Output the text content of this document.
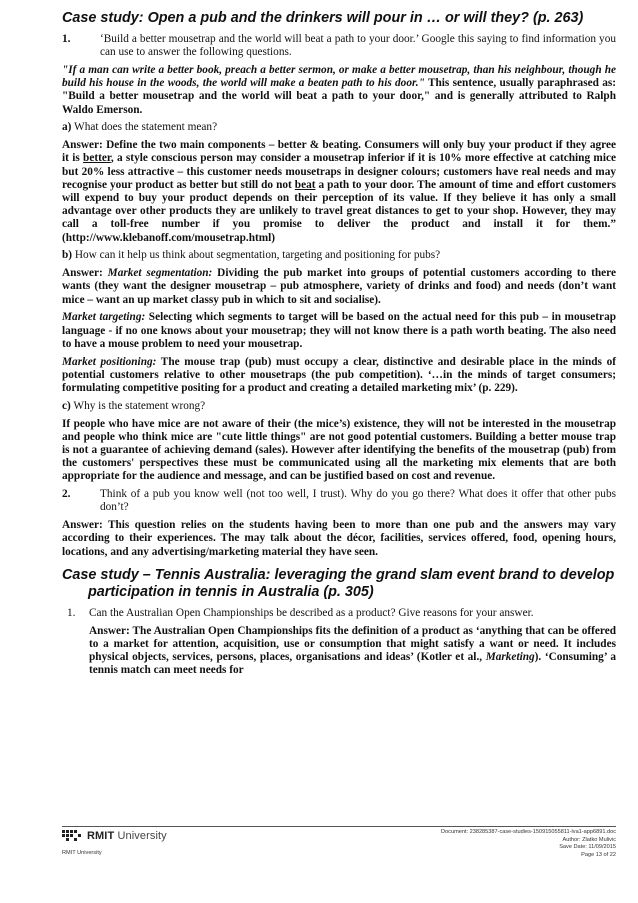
Case study: Open a pub and the drinkers will pour in … or will they? (p. 263)

1.	‘Build a better mousetrap and the world will beat a path to your door.’ Google this saying to find information you can use to answer the following questions.

"If a man can write a better book, preach a better sermon, or make a better mousetrap, than his neighbour, though he build his house in the woods, the world will make a beaten path to his door." This sentence, usually paraphrased as: "Build a better mousetrap and the world will beat a path to your door," and is generally attributed to Ralph Waldo Emerson.

a) What does the statement mean?

Answer: Define the two main components – better & beating. Consumers will only buy your product if they agree it is better, a style conscious person may consider a mousetrap inferior if it is 10% more effective at catching mice but 20% less attractive – this customer needs mousetraps in designer colours; customers have real needs and may recognise your product as better but still do not beat a path to your door. The amount of time and effort customers will expend to buy your product depends on their perception of its value. If they believe it has only a small advantage over other products they are unlikely to travel great distances to get to your shop. However, they may call a toll-free number if you promise to deliver the product and install it for them.” (http://www.klebanoff.com/mousetrap.html)

b) How can it help us think about segmentation, targeting and positioning for pubs?

Answer: Market segmentation: Dividing the pub market into groups of potential customers according to there wants (they want the designer mousetrap – pub atmosphere, variety of drinks and food) and needs (don’t want mice – want an up market classy pub in which to sit and socialise).

Market targeting: Selecting which segments to target will be based on the actual need for this pub – in mousetrap language - if no one knows about your mousetrap; they will not know there is a path worth beating. The also need to have a mouse problem to need your mousetrap.

Market positioning: The mouse trap (pub) must occupy a clear, distinctive and desirable place in the minds of potential customers relative to other mousetraps (the pub competition). ‘…in the minds of target consumers; formulating competitive positing for a product and creating a detailed marketing mix’ (p. 229).

c) Why is the statement wrong?

If people who have mice are not aware of their (the mice’s) existence, they will not be interested in the mousetrap and people who think mice are "cute little things" are not good potential customers. Building a better mouse trap is not a guarantee of achieving demand (sales). However after identifying the benefits of the mousetrap (pub) from the customers' perspectives these must be communicated using all the marketing mix elements that are both appropriate for the audience and message, and can be justified based on cost and revenue.

2.	Think of a pub you know well (not too well, I trust). Why do you go there? What does it offer that other pubs don’t?

Answer: This question relies on the students having been to more than one pub and the answers may vary according to their experiences. The may talk about the décor, facilities, services offered, food, opening hours, locations, and any advertising/marketing material they have seen.

Case study – Tennis Australia: leveraging the grand slam event brand to develop participation in tennis in Australia (p. 305)

1.	Can the Australian Open Championships be described as a product? Give reasons for your answer.

Answer: The Australian Open Championships fits the definition of a product as ‘anything that can be offered to a market for attention, acquisition, use or consumption that might satisfy a want or need. It includes physical objects, services, persons, places, organisations and ideas’ (Kotler et al., Marketing). ‘Consuming’ a tennis match can meet needs for

RMIT University	Document: 238285387-case-studies-150915055811-lva1-app6891.doc
Author: Zlatko Mulivic
Save Date: 11/09/2015
Page 13 of 22
RMIT University
